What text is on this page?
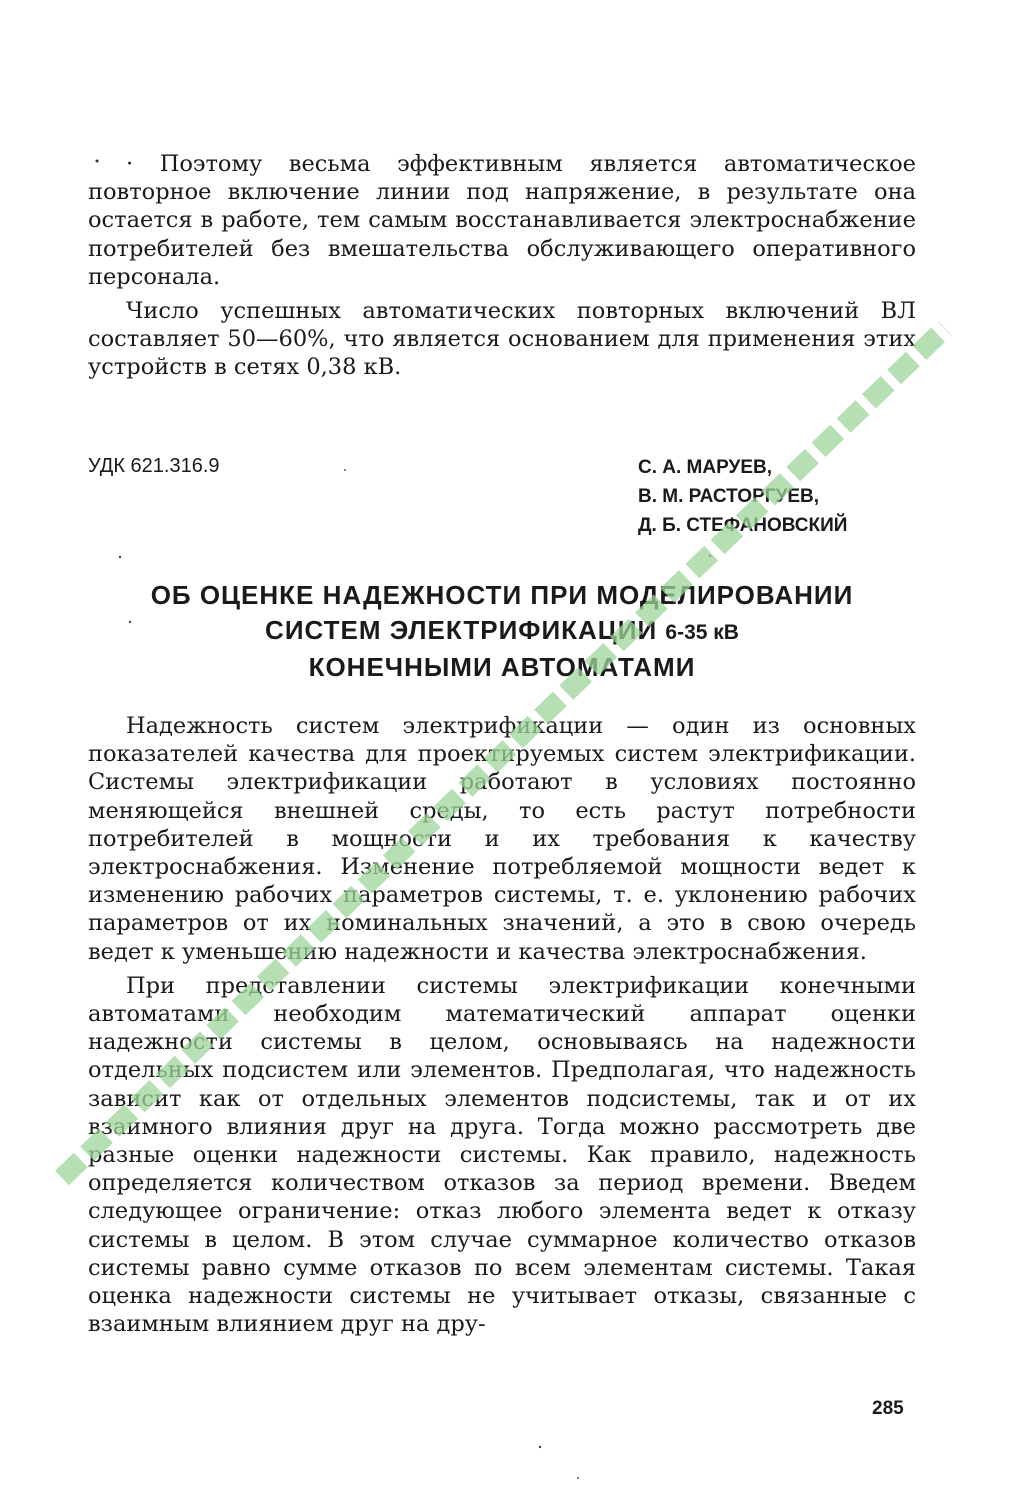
· Поэтому весьма эффективным является автоматическое повторное включение линии под напряжение, в результате она остается в работе, тем самым восстанавливается электроснабжение потребителей без вмешательства обслуживающего оперативного персонала.

Число успешных автоматических повторных включений ВЛ составляет 50—60%, что является основанием для применения этих устройств в сетях 0,38 кВ.

УДК 621.316.9	С. А. МАРУЕВ,
В. М. РАСТОРГУЕВ,
Д. Б. СТЕФАНОВСКИЙ
ОБ ОЦЕНКЕ НАДЕЖНОСТИ ПРИ МОДЕЛИРОВАНИИ
СИСТЕМ ЭЛЕКТРИФИКАЦИИ 6-35 кВ
КОНЕЧНЫМИ АВТОМАТАМИ

Надежность систем электрификации — один из основных показателей качества для проектируемых систем электрификации. Системы электрификации работают в условиях постоянно меняющейся внешней среды, то есть растут потребности потребителей в мощности и их требования к качеству электроснабжения. Изменение потребляемой мощности ведет к изменению рабочих параметров системы, т. е. уклонению рабочих параметров от их номинальных значений, а это в свою очередь ведет к уменьшению надежности и качества электроснабжения.

При представлении системы электрификации конечными автоматами необходим математический аппарат оценки надежности системы в целом, основываясь на надежности отдельных подсистем или элементов. Предполагая, что надежность зависит как от отдельных элементов подсистемы, так и от их взаимного влияния друг на друга. Тогда можно рассмотреть две разные оценки надежности системы. Как правило, надежность определяется количеством отказов за период времени. Введем следующее ограничение: отказ любого элемента ведет к отказу системы в целом. В этом случае суммарное количество отказов системы равно сумме отказов по всем элементам системы. Такая оценка надежности системы не учитывает отказы, связанные с взаимным влиянием друг на дру-

285
